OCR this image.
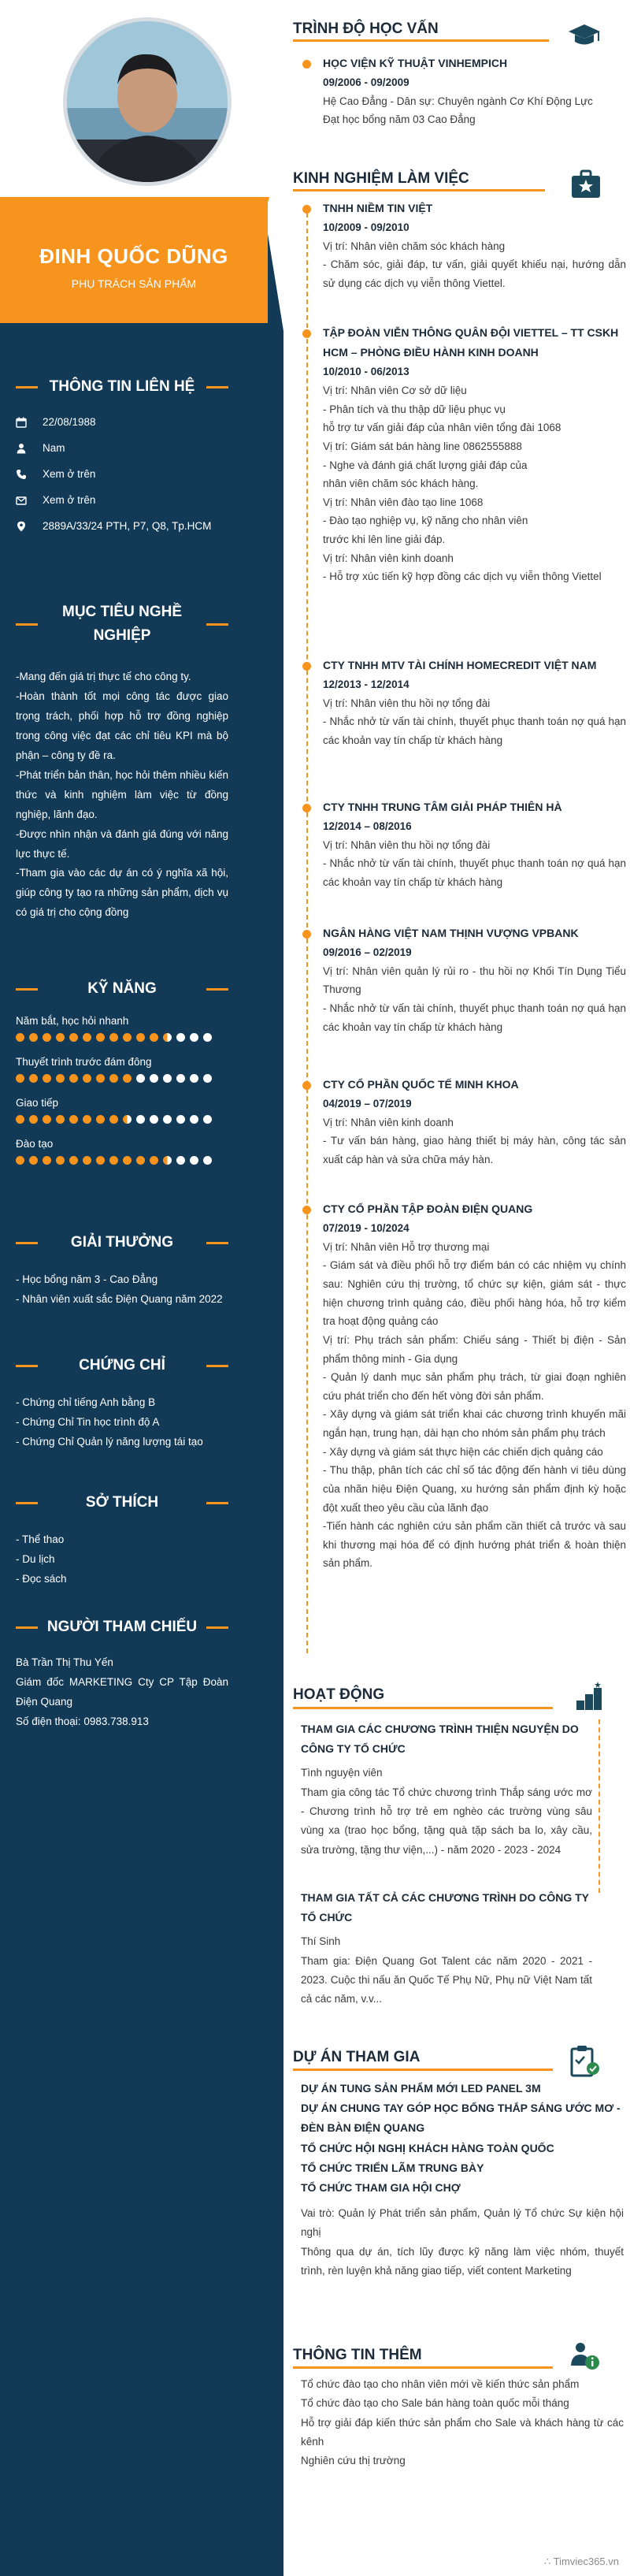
ĐINH QUỐC DŨNG
PHỤ TRÁCH SẢN PHẨM
THÔNG TIN LIÊN HỆ
22/08/1988
Nam
Xem ở trên
Xem ở trên
2889A/33/24 PTH, P7, Q8, Tp.HCM
MỤC TIÊU NGHỀ NGHIỆP
-Mang đến giá trị thực tế cho công ty.
-Hoàn thành tốt mọi công tác được giao trọng trách, phối hợp hỗ trợ đồng nghiệp trong công việc đạt các chỉ tiêu KPI mà bộ phận – công ty đề ra.
-Phát triển bản thân, học hỏi thêm nhiều kiến thức và kinh nghiệm làm việc từ đồng nghiệp, lãnh đạo.
-Được nhìn nhận và đánh giá đúng với năng lực thực tế.
-Tham gia vào các dự án có ý nghĩa xã hội, giúp công ty tạo ra những sản phẩm, dịch vụ có giá trị cho cộng đồng
KỸ NĂNG
Năm bắt, học hỏi nhanh
Thuyết trình trước đám đông
Giao tiếp
Đào tạo
GIẢI THƯỞNG
- Học bổng năm 3 - Cao Đẳng
- Nhân viên xuất sắc Điện Quang năm 2022
CHỨNG CHỈ
- Chứng chỉ tiếng Anh bằng B
- Chứng Chỉ Tin học trình độ A
- Chứng Chỉ Quản lý năng lượng tái tạo
SỞ THÍCH
- Thể thao
- Du lịch
- Đọc sách
NGƯỜI THAM CHIẾU
Bà Trần Thị Thu Yến
Giám đốc MARKETING Cty CP Tập Đoàn Điện Quang
Số điện thoại: 0983.738.913
TRÌNH ĐỘ HỌC VẤN
HỌC VIỆN KỸ THUẬT VINHEMPICH
09/2006 - 09/2009
Hệ Cao Đẳng - Dân sự: Chuyên ngành Cơ Khí Động Lực
Đạt học bổng năm 03 Cao Đẳng
KINH NGHIỆM LÀM VIỆC
TNHH NIỀM TIN VIỆT
10/2009 - 09/2010
Vị trí: Nhân viên chăm sóc khách hàng
- Chăm sóc, giải đáp, tư vấn, giải quyết khiếu nại, hướng dẫn sử dụng các dịch vụ viễn thông Viettel.
TẬP ĐOÀN VIỄN THÔNG QUÂN ĐỘI VIETTEL – TT CSKH HCM – PHÒNG ĐIỀU HÀNH KINH DOANH
10/2010 - 06/2013
Vị trí: Nhân viên Cơ sở dữ liệu
- Phân tích và thu thập dữ liệu phục vụ
hỗ trợ tư vấn giải đáp của nhân viên tổng đài 1068
Vị trí: Giám sát bán hàng line 0862555888
- Nghe và đánh giá chất lượng giải đáp của
nhân viên chăm sóc khách hàng.
Vị trí: Nhân viên đào tạo line 1068
- Đào tạo nghiệp vụ, kỹ năng cho nhân viên
trước khi lên line giải đáp.
Vị trí: Nhân viên kinh doanh
- Hỗ trợ xúc tiến kỹ hợp đồng các dịch vụ viễn thông Viettel
CTY TNHH MTV TÀI CHÍNH HOMECREDIT VIỆT NAM
12/2013 - 12/2014
Vị trí: Nhân viên thu hồi nợ tổng đài
- Nhắc nhở từ vấn tài chính, thuyết phục thanh toán nợ quá hạn các khoản vay tín chấp từ khách hàng
CTY TNHH TRUNG TÂM GIẢI PHÁP THIÊN HÀ
12/2014 – 08/2016
Vị trí: Nhân viên thu hồi nợ tổng đài
- Nhắc nhở từ vấn tài chính, thuyết phục thanh toán nợ quá hạn các khoản vay tín chấp từ khách hàng
NGÂN HÀNG VIỆT NAM THỊNH VƯỢNG VPBANK
09/2016 – 02/2019
Vị trí: Nhân viên quản lý rủi ro - thu hồi nợ Khối Tín Dụng Tiểu Thương
- Nhắc nhở từ vấn tài chính, thuyết phục thanh toán nợ quá hạn các khoản vay tín chấp từ khách hàng
CTY CỔ PHẦN QUỐC TẾ MINH KHOA
04/2019 – 07/2019
Vị trí: Nhân viên kinh doanh
- Tư vấn bán hàng, giao hàng thiết bị máy hàn, công tác sản xuất cáp hàn và sửa chữa máy hàn.
CTY CỔ PHẦN TẬP ĐOÀN ĐIỆN QUANG
07/2019 - 10/2024
Vị trí: Nhân viên Hỗ trợ thương mại
- Giám sát và điều phối hỗ trợ điểm bán có các nhiệm vụ chính sau: Nghiên cứu thị trường, tổ chức sự kiện, giám sát - thực hiện chương trình quảng cáo, điều phối hàng hóa, hỗ trợ kiểm tra hoạt động quảng cáo
Vị trí: Phụ trách sản phẩm: Chiếu sáng - Thiết bị điện - Sản phẩm thông minh - Gia dụng
- Quản lý danh mục sản phẩm phụ trách, từ giai đoạn nghiên cứu phát triển cho đến hết vòng đời sản phẩm.
- Xây dựng và giám sát triển khai các chương trình khuyến mãi ngắn hạn, trung hạn, dài hạn cho nhóm sản phẩm phụ trách
- Xây dựng và giám sát thực hiện các chiến dịch quảng cáo
- Thu thập, phân tích các chỉ số tác động đến hành vi tiêu dùng của nhãn hiệu Điện Quang, xu hướng sản phẩm định kỳ hoặc đột xuất theo yêu cầu của lãnh đạo
-Tiến hành các nghiên cứu sản phẩm cần thiết cả trước và sau khi thương mại hóa để có định hướng phát triển & hoàn thiện sản phẩm.
HOẠT ĐỘNG
THAM GIA CÁC CHƯƠNG TRÌNH THIỆN NGUYỆN DO CÔNG TY TỔ CHỨC
Tình nguyện viên
Tham gia công tác Tổ chức chương trình Thắp sáng ước mơ - Chương trình hỗ trợ trẻ em nghèo các trường vùng sâu vùng xa (trao học bổng, tặng quà tặp sách ba lo, xây cầu, sửa trường, tặng thư viện,...) - năm 2020 - 2023 - 2024
THAM GIA TẤT CẢ CÁC CHƯƠNG TRÌNH DO CÔNG TY TỔ CHỨC
Thí Sinh
Tham gia: Điện Quang Got Talent các năm 2020 - 2021 - 2023. Cuộc thi nấu ăn Quốc Tế Phụ Nữ, Phụ nữ Việt Nam tất cả các năm, v.v...
DỰ ÁN THAM GIA
DỰ ÁN TUNG SẢN PHẨM MỚI LED PANEL 3M
DỰ ÁN CHUNG TAY GÓP HỌC BỔNG THẮP SÁNG ƯỚC MƠ - ĐÈN BÀN ĐIỆN QUANG
TỔ CHỨC HỘI NGHỊ KHÁCH HÀNG TOÀN QUỐC
TỔ CHỨC TRIỂN LÃM TRUNG BÀY
TỔ CHỨC THAM GIA HỘI CHỢ
Vai trò: Quản lý Phát triển sản phẩm, Quản lý Tổ chức Sự kiện hội nghị
Thông qua dự án, tích lũy được kỹ năng làm việc nhóm, thuyết trình, rèn luyện khả năng giao tiếp, viết content Marketing
THÔNG TIN THÊM
Tổ chức đào tạo cho nhân viên mới về kiến thức sản phẩm
Tổ chức đào tạo cho Sale bán hàng toàn quốc mỗi tháng
Hỗ trợ giải đáp kiến thức sản phẩm cho Sale và khách hàng từ các kênh
Nghiên cứu thị trường
∴ Timviec365.vn
